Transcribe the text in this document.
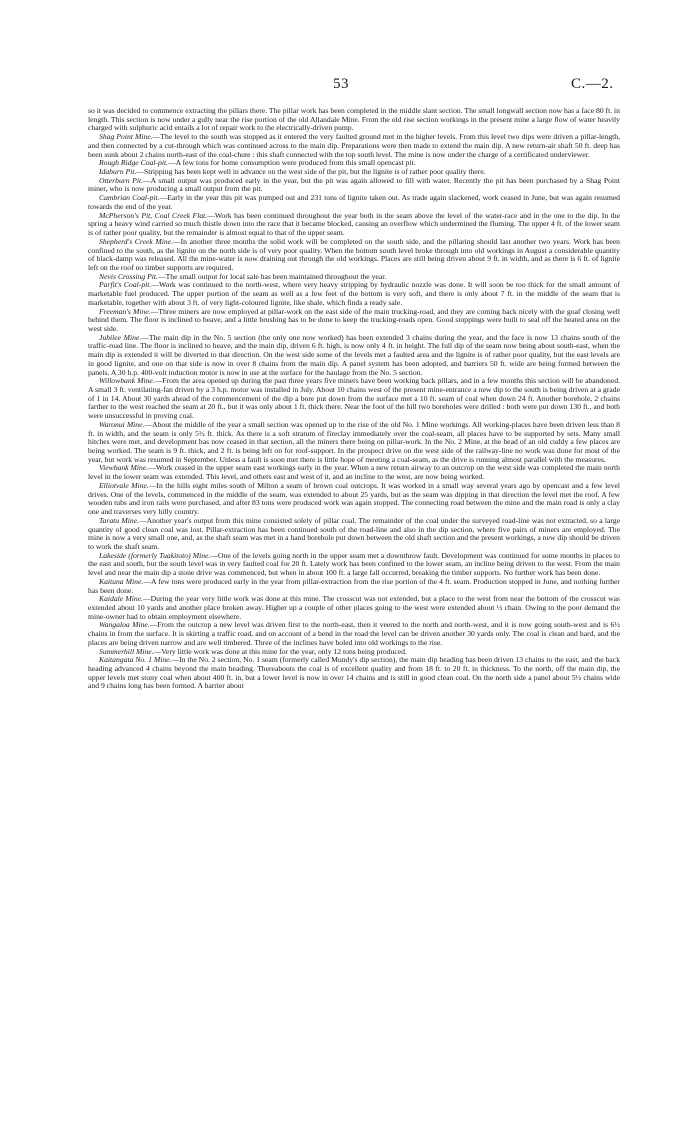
53	C.—2.

so it was decided to commence extracting the pillars there. The pillar work has been completed in the middle slant section. The small longwall section now has a face 80 ft. in length. This section is now under a gully near the rise portion of the old Allandale Mine. From the old rise section workings in the present mine a large flow of water heavily charged with sulphuric acid entails a lot of repair work to the electrically-driven pump.

Shag Point Mine.—The level to the south was stopped as it entered the very faulted ground met in the higher levels. From this level two dips were driven a pillar-length, and then connected by a cut-through which was continued across to the main dip. Preparations were then made to extend the main dip. A new return-air shaft 50 ft. deep has been sunk about 2 chains north-east of the coal-chute : this shaft connected with the top south level. The mine is now under the charge of a certificated underviewer.

Rough Ridge Coal-pit.—A few tons for home consumption were produced from this small opencast pit.

Idaburn Pit.—Stripping has been kept well in advance on the west side of the pit, but the lignite is of rather poor quality there.

Otterburn Pit.—A small output was produced early in the year, but the pit was again allowed to fill with water. Recently the pit has been purchased by a Shag Point miner, who is now producing a small output from the pit.

Cambrian Coal-pit.—Early in the year this pit was pumped out and 231 tons of lignite taken out. As trade again slackened, work ceased in June, but was again resumed towards the end of the year.

McPherson's Pit, Coal Creek Flat.—Work has been continued throughout the year both in the seam above the level of the water-race and in the one to the dip. In the spring a heavy wind carried so much thistle down into the race that it became blocked, causing an overflow which undermined the fluming. The upper 4 ft. of the lower seam is of rather poor quality, but the remainder is almost equal to that of the upper seam.

Shepherd's Creek Mine.—In another three months the solid work will be completed on the south side, and the pillaring should last another two years. Work has been confined to the south, as the lignite on the north side is of very poor quality. When the bottom south level broke through into old workings in August a considerable quantity of black-damp was released. All the mine-water is now draining out through the old workings. Places are still being driven about 9 ft. in width, and as there is 6 ft. of lignite left on the roof no timber supports are required.

Nevis Crossing Pit.—The small output for local sale has been maintained throughout the year.

Parfit's Coal-pit.—Work was continued to the north-west, where very heavy stripping by hydraulic nozzle was done. It will soon be too thick for the small amount of marketable fuel produced. The upper portion of the seam as well as a few feet of the bottom is very soft, and there is only about 7 ft. in the middle of the seam that is marketable, together with about 3 ft. of very light-coloured lignite, like shale, which finds a ready sale.

Freeman's Mine.—Three miners are now employed at pillar-work on the east side of the main trucking-road, and they are coming back nicely with the goaf closing well behind them. The floor is inclined to heave, and a little brushing has to be done to keep the trucking-roads open. Good stoppings were built to seal off the heated area on the west side.

Jubilee Mine.—The main dip in the No. 5 section (the only one now worked) has been extended 3 chains during the year, and the face is now 13 chains south of the traffic-road line. The floor is inclined to heave, and the main dip, driven 6 ft. high, is now only 4 ft. in height. The full dip of the seam now being about south-east, when the main dip is extended it will be diverted to that direction. On the west side some of the levels met a faulted area and the lignite is of rather poor quality, but the east levels are in good lignite, and one on that side is now in over 8 chains from the main dip. A panel system has been adopted, and barriers 50 ft. wide are being formed between the panels. A 30 h.p. 400-volt induction motor is now in use at the surface for the haulage from the No. 5 section.

Willowbank Mine.—From the area opened up during the past three years five miners have been working back pillars, and in a few months this section will be abandoned. A small 3 ft. ventilating-fan driven by a 3 h.p. motor was installed in July. About 10 chains west of the present mine-entrance a new dip to the south is being driven at a grade of 1 in 14. About 30 yards ahead of the commencement of the dip a bore put down from the surface met a 10 ft. seam of coal when down 24 ft. Another borehole, 2 chains farther to the west reached the seam at 20 ft., but it was only about 1 ft. thick there. Near the foot of the hill two boreholes were drilled : both were put down 130 ft., and both were unsuccessful in proving coal.

Waronui Mine.—About the middle of the year a small section was opened up to the rise of the old No. 1 Mine workings. All working-places have been driven less than 8 ft. in width, and the seam is only 5½ ft. thick. As there is a soft stratum of fireclay immediately over the coal-seam, all places have to be supported by sets. Many small hitches were met, and development has now ceased in that section, all the miners there being on pillar-work. In the No. 2 Mine, at the head of an old cuddy a few places are being worked. The seam is 9 ft. thick, and 2 ft. is being left on for roof-support. In the prospect drive on the west side of the railway-line no work was done for most of the year, but work was resumed in September. Unless a fault is soon met there is little hope of meeting a coal-seam, as the drive is running almost parallel with the measures.

Viewbank Mine.—Work ceased in the upper seam east workings early in the year. When a new return airway to an outcrop on the west side was completed the main north level in the lower seam was extended. This level, and others east and west of it, and an incline to the west, are now being worked.

Elliotvale Mine.—In the hills eight miles south of Milton a seam of brown coal outcrops. It was worked in a small way several years ago by opencast and a few level drives. One of the levels, commenced in the middle of the seam, was extended to about 25 yards, but as the seam was dipping in that direction the level met the roof. A few wooden tubs and iron rails were purchased, and after 83 tons were produced work was again stopped. The connecting road between the mine and the main road is only a clay one and traverses very hilly country.

Taratu Mine.—Another year's output from this mine consisted solely of pillar coal. The remainder of the coal under the surveyed road-line was not extracted, so a large quantity of good clean coal was lost. Pillar-extraction has been continued south of the road-line and also in the dip section, where five pairs of miners are employed. The mine is now a very small one, and, as the shaft seam was met in a hand borehole put down between the old shaft section and the present workings, a new dip should be driven to work the shaft seam.

Lakeside (formerly Tuakitoto) Mine.—One of the levels going north in the upper seam met a downthrow fault. Development was continued for some months in places to the east and south, but the south level was in very faulted coal for 20 ft. Lately work has been confined to the lower seam, an incline being driven to the west. From the main level and near the main dip a stone drive was commenced, but when in about 100 ft. a large fall occurred, breaking the timber supports. No further work has been done.

Kaituna Mine.—A few tons were produced early in the year from pillar-extraction from the rise portion of the 4 ft. seam. Production stopped in June, and nothing further has been done.

Kaidale Mine.—During the year very little work was done at this mine. The crosscut was not extended, but a place to the west from near the bottom of the crosscut was extended about 10 yards and another place broken away. Higher up a couple of other places going to the west were extended about ½ chain. Owing to the poor demand the mine-owner had to obtain employment elsewhere.

Wangaloa Mine.—From the outcrop a new level was driven first to the north-east, then it veered to the north and north-west, and it is now going south-west and is 6½ chains in from the surface. It is skirting a traffic road, and on account of a bend in the road the level can be driven another 30 yards only. The coal is clean and hard, and the places are being driven narrow and are well timbered. Three of the inclines have holed into old workings to the rise.

Summerhill Mine.—Very little work was done at this mine for the year, only 12 tons being produced.

Kaitangata No. 1 Mine.—In the No. 2 section, No. 1 seam (formerly called Mundy's dip section), the main dip heading has been driven 13 chains to the east, and the back heading advanced 4 chains beyond the main heading. Thereabouts the coal is of excellent quality and from 18 ft. to 20 ft. in thickness. To the north, off the main dip, the upper levels met stony coal when about 400 ft. in, but a lower level is now in over 14 chains and is still in good clean coal. On the north side a panel about 5½ chains wide and 9 chains long has been formed. A barrier about
